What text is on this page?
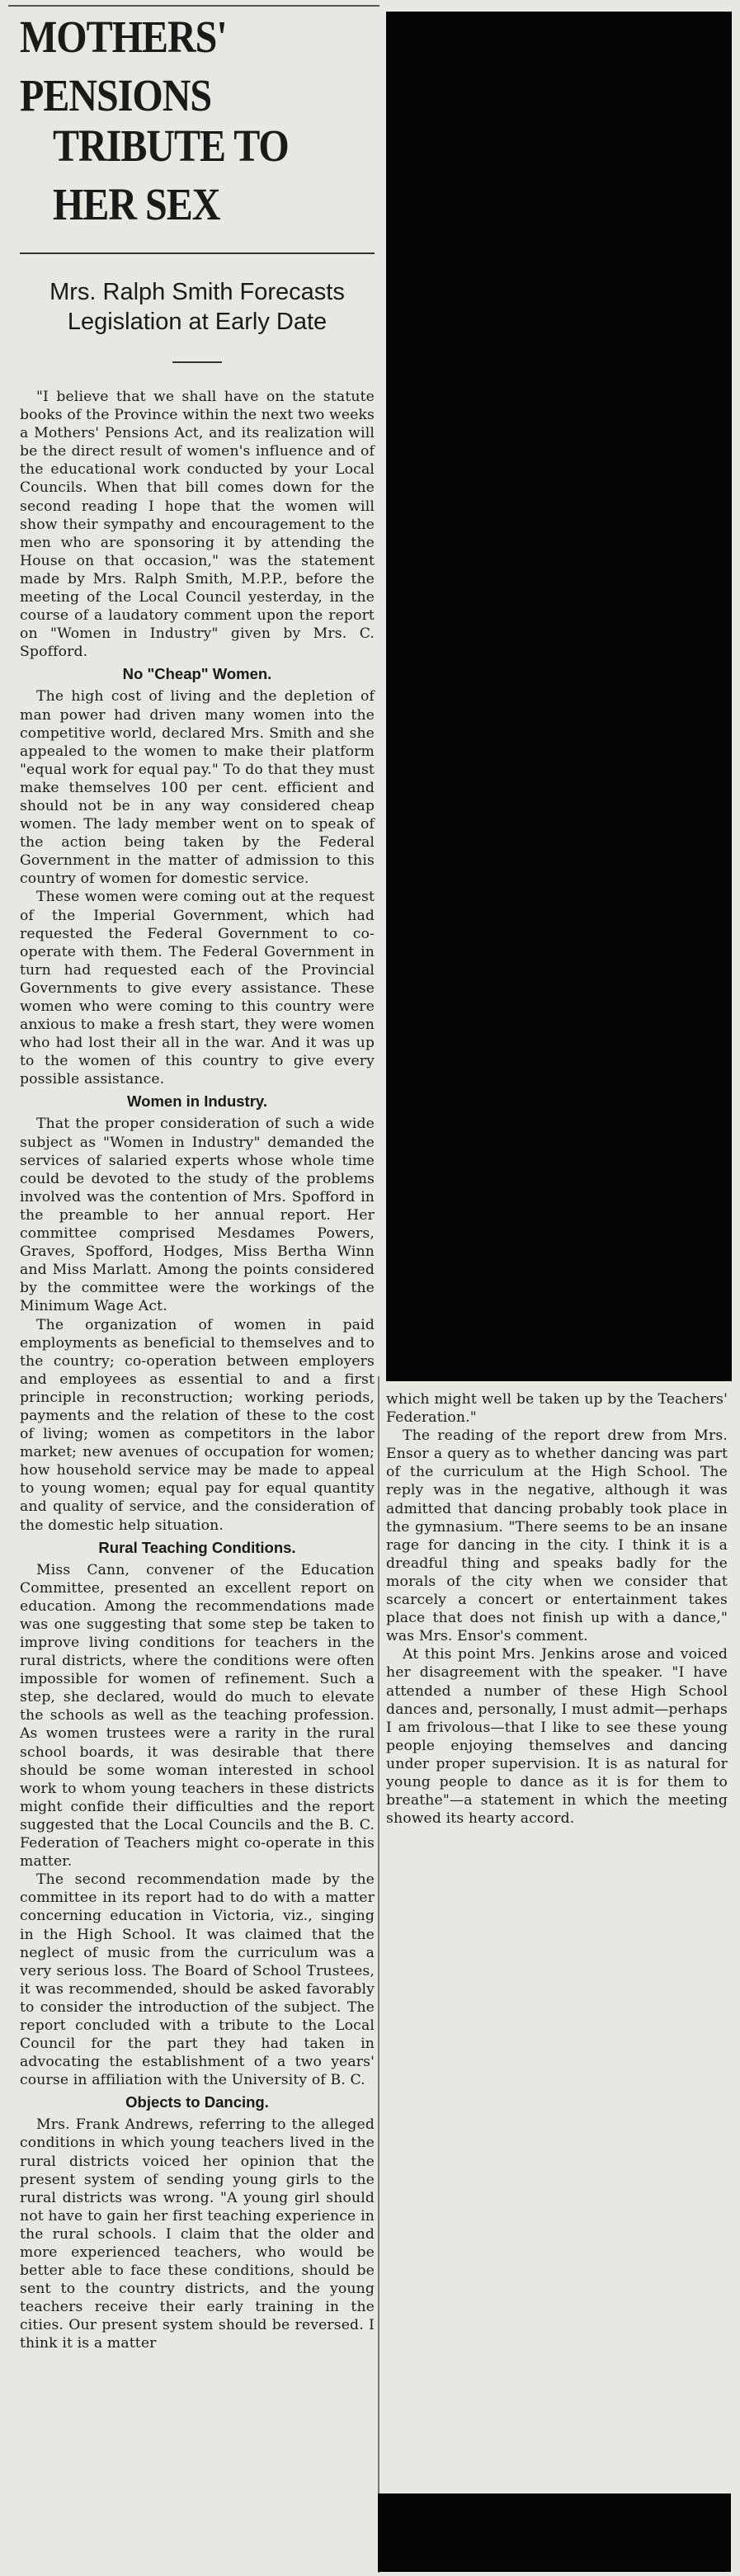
MOTHERS' PENSIONS
TRIBUTE TO HER SEX
Mrs. Ralph Smith Forecasts Legislation at Early Date

"I believe that we shall have on the statute books of the Province within the next two weeks a Mothers' Pensions Act, and its realization will be the direct result of women's influence and of the educational work conducted by your Local Councils. When that bill comes down for the second reading I hope that the women will show their sympathy and encouragement to the men who are sponsoring it by attending the House on that occasion," was the statement made by Mrs. Ralph Smith, M.P.P., before the meeting of the Local Council yesterday, in the course of a laudatory comment upon the report on "Women in Industry" given by Mrs. C. Spofford.

No "Cheap" Women.

The high cost of living and the depletion of man power had driven many women into the competitive world, declared Mrs. Smith and she appealed to the women to make their platform "equal work for equal pay." To do that they must make themselves 100 per cent. efficient and should not be in any way considered cheap women. The lady member went on to speak of the action being taken by the Federal Government in the matter of admission to this country of women for domestic service.

These women were coming out at the request of the Imperial Government, which had requested the Federal Government to co-operate with them. The Federal Government in turn had requested each of the Provincial Governments to give every assistance. These women who were coming to this country were anxious to make a fresh start, they were women who had lost their all in the war. And it was up to the women of this country to give every possible assistance.

Women in Industry.

That the proper consideration of such a wide subject as "Women in Industry" demanded the services of salaried experts whose whole time could be devoted to the study of the problems involved was the contention of Mrs. Spofford in the preamble to her annual report. Her committee comprised Mesdames Powers, Graves, Spofford, Hodges, Miss Bertha Winn and Miss Marlatt. Among the points considered by the committee were the workings of the Minimum Wage Act.

The organization of women in paid employments as beneficial to themselves and to the country; co-operation between employers and employees as essential to and a first principle in reconstruction; working periods, payments and the relation of these to the cost of living; women as competitors in the labor market; new avenues of occupation for women; how household service may be made to appeal to young women; equal pay for equal quantity and quality of service, and the consideration of the domestic help situation.

Rural Teaching Conditions.

Miss Cann, convener of the Education Committee, presented an excellent report on education. Among the recommendations made was one suggesting that some step be taken to improve living conditions for teachers in the rural districts, where the conditions were often impossible for women of refinement. Such a step, she declared, would do much to elevate the schools as well as the teaching profession. As women trustees were a rarity in the rural school boards, it was desirable that there should be some woman interested in school work to whom young teachers in these districts might confide their difficulties and the report suggested that the Local Councils and the B. C. Federation of Teachers might co-operate in this matter.

The second recommendation made by the committee in its report had to do with a matter concerning education in Victoria, viz., singing in the High School. It was claimed that the neglect of music from the curriculum was a very serious loss. The Board of School Trustees, it was recommended, should be asked favorably to consider the introduction of the subject. The report concluded with a tribute to the Local Council for the part they had taken in advocating the establishment of a two years' course in affiliation with the University of B. C.

Objects to Dancing.

Mrs. Frank Andrews, referring to the alleged conditions in which young teachers lived in the rural districts voiced her opinion that the present system of sending young girls to the rural districts was wrong. "A young girl should not have to gain her first teaching experience in the rural schools. I claim that the older and more experienced teachers, who would be better able to face these conditions, should be sent to the country districts, and the young teachers receive their early training in the cities. Our present system should be reversed. I think it is a matter

which might well be taken up by the Teachers' Federation."

The reading of the report drew from Mrs. Ensor a query as to whether dancing was part of the curriculum at the High School. The reply was in the negative, although it was admitted that dancing probably took place in the gymnasium. "There seems to be an insane rage for dancing in the city. I think it is a dreadful thing and speaks badly for the morals of the city when we consider that scarcely a concert or entertainment takes place that does not finish up with a dance," was Mrs. Ensor's comment.

At this point Mrs. Jenkins arose and voiced her disagreement with the speaker. "I have attended a number of these High School dances and, personally, I must admit—perhaps I am frivolous—that I like to see these young people enjoying themselves and dancing under proper supervision. It is as natural for young people to dance as it is for them to breathe"—a statement in which the meeting showed its hearty accord.
